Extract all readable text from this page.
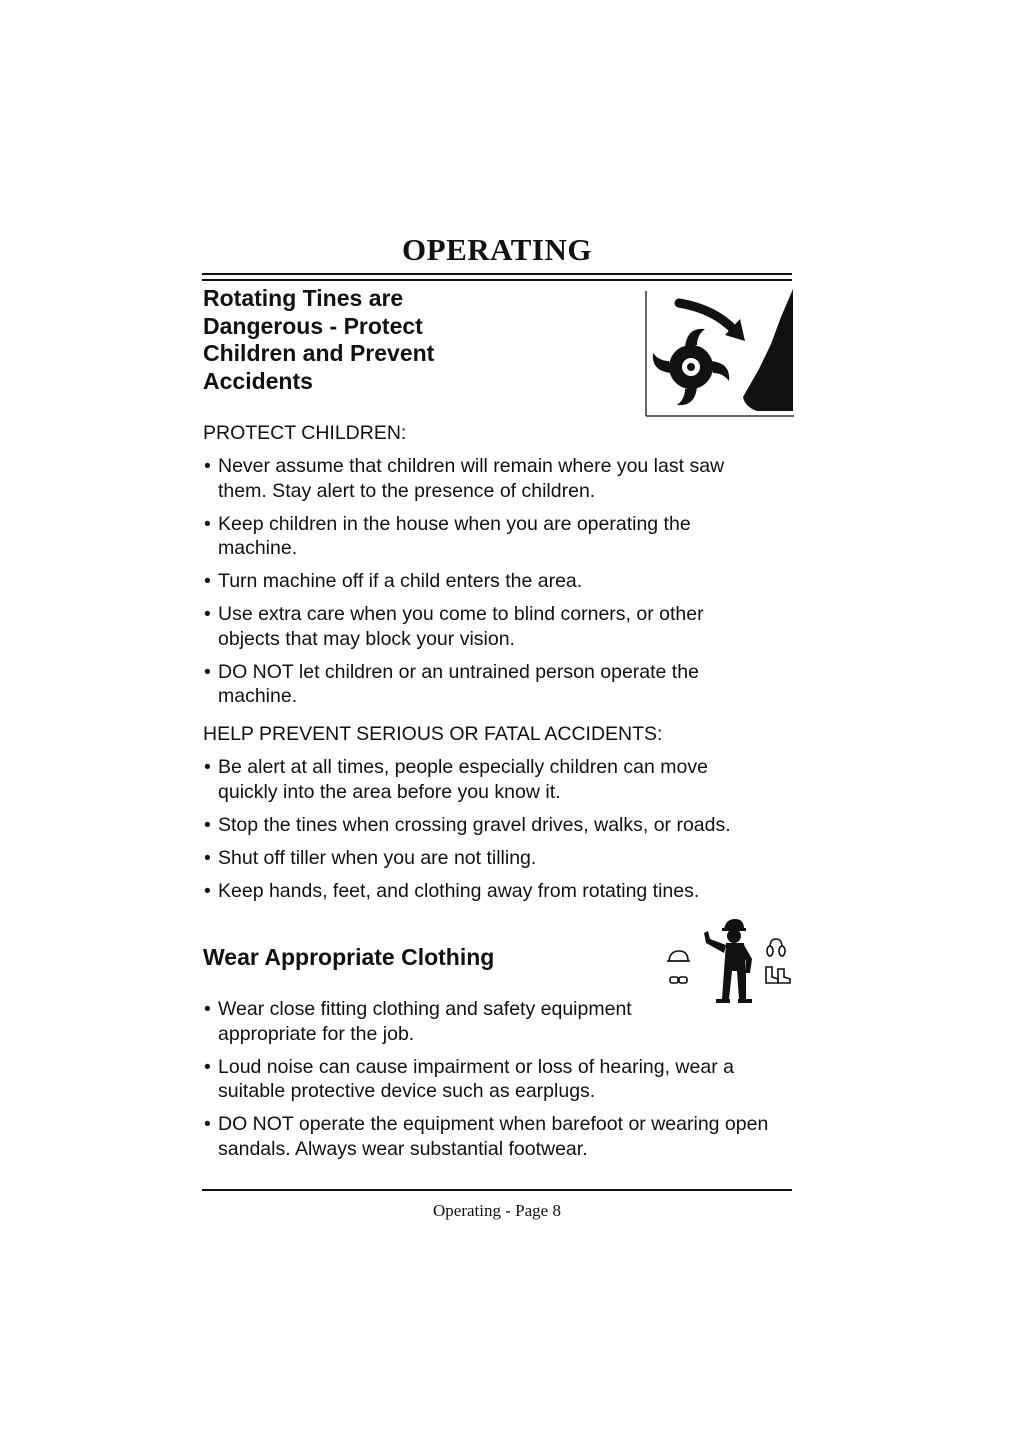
OPERATING
Rotating Tines are
Dangerous - Protect
Children and Prevent
Accidents

PROTECT CHILDREN:

• Never assume that children will remain where you last saw them. Stay alert to the presence of children.
• Keep children in the house when you are operating the machine.
• Turn machine off if a child enters the area.
• Use extra care when you come to blind corners, or other objects that may block your vision.
• DO NOT let children or an untrained person operate the machine.

HELP PREVENT SERIOUS OR FATAL ACCIDENTS:

• Be alert at all times, people especially children can move quickly into the area before you know it.
• Stop the tines when crossing gravel drives, walks, or roads.
• Shut off tiller when you are not tilling.
• Keep hands, feet, and clothing away from rotating tines.
Wear Appropriate Clothing
• Wear close fitting clothing and safety equipment appropriate for the job.
• Loud noise can cause impairment or loss of hearing, wear a suitable protective device such as earplugs.
• DO NOT operate the equipment when barefoot or wearing open sandals. Always wear substantial footwear.
Operating - Page 8
